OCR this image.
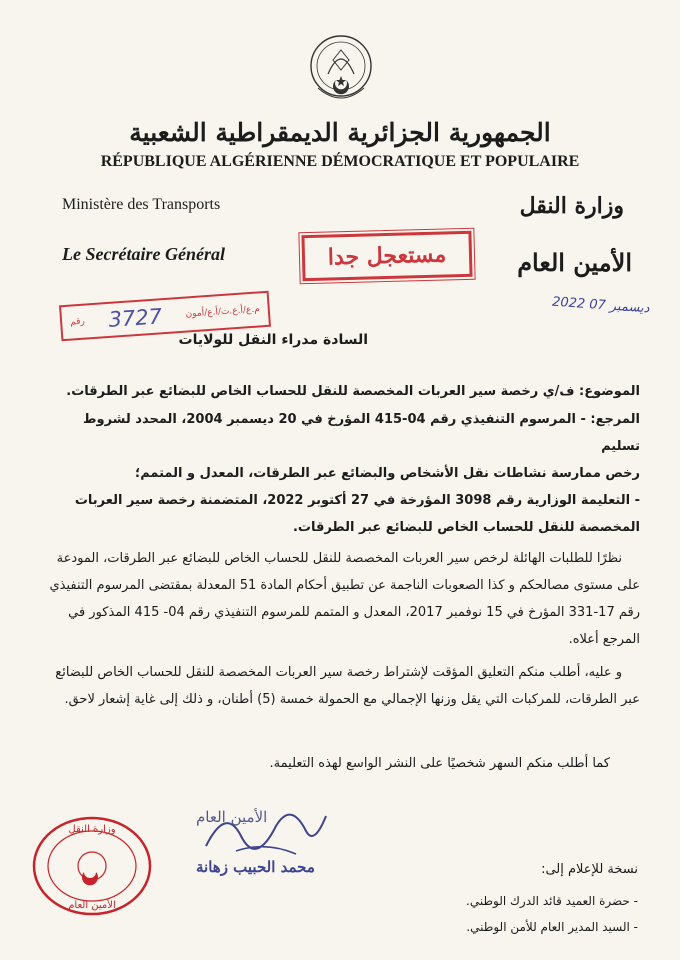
الجمهورية الجزائرية الديمقراطية الشعبية
RÉPUBLIQUE ALGÉRIENNE DÉMOCRATIQUE ET POPULAIRE
Ministère des Transports	وزارة النقل
Le Secrétaire Général	الأمين العام
مستعجل جدا
رقم 3727	م.ع/أ.ع.ت/أ.ع/أمون	2022 07 ديسمبر
السادة مدراء النقل للولايات
الموضوع: ف/ي رخصة سير العربات المخصصة للنقل للحساب الخاص للبضائع عبر الطرقات.

المرجع: - المرسوم التنفيذي رقم 04-415 المؤرخ في 20 ديسمبر 2004، المحدد لشروط تسليم

رخص ممارسة نشاطات نقل الأشخاص والبضائع عبر الطرقات، المعدل و المتمم؛

- التعليمة الوزارية رقم 3098 المؤرخة في 27 أكتوبر 2022، المتضمنة رخصة سير العربات

المخصصة للنقل للحساب الخاص للبضائع عبر الطرقات.

نظرًا للطلبات الهائلة لرخص سير العربات المخصصة للنقل للحساب الخاص للبضائع عبر الطرقات، المودعة على مستوى مصالحكم و كذا الصعوبات الناجمة عن تطبيق أحكام المادة 51 المعدلة بمقتضى المرسوم التنفيذي رقم 17-331 المؤرخ في 15 نوفمبر 2017، المعدل و المتمم للمرسوم التنفيذي رقم 04- 415 المذكور في المرجع أعلاه.
و عليه، أطلب منكم التعليق المؤقت لإشتراط رخصة سير العربات المخصصة للنقل للحساب الخاص للبضائع عبر الطرقات، للمركبات التي يقل وزنها الإجمالي مع الحمولة خمسة (5) أطنان، و ذلك إلى غاية إشعار لاحق.
كما أطلب منكم السهر شخصيًا على النشر الواسع لهذه التعليمة.
وزارة النقل
الأمين العام
الأمين العام
محمد الحبيب زهانة	نسخة للإعلام إلى:
- حضرة العميد قائد الدرك الوطني.
- السيد المدير العام للأمن الوطني.
